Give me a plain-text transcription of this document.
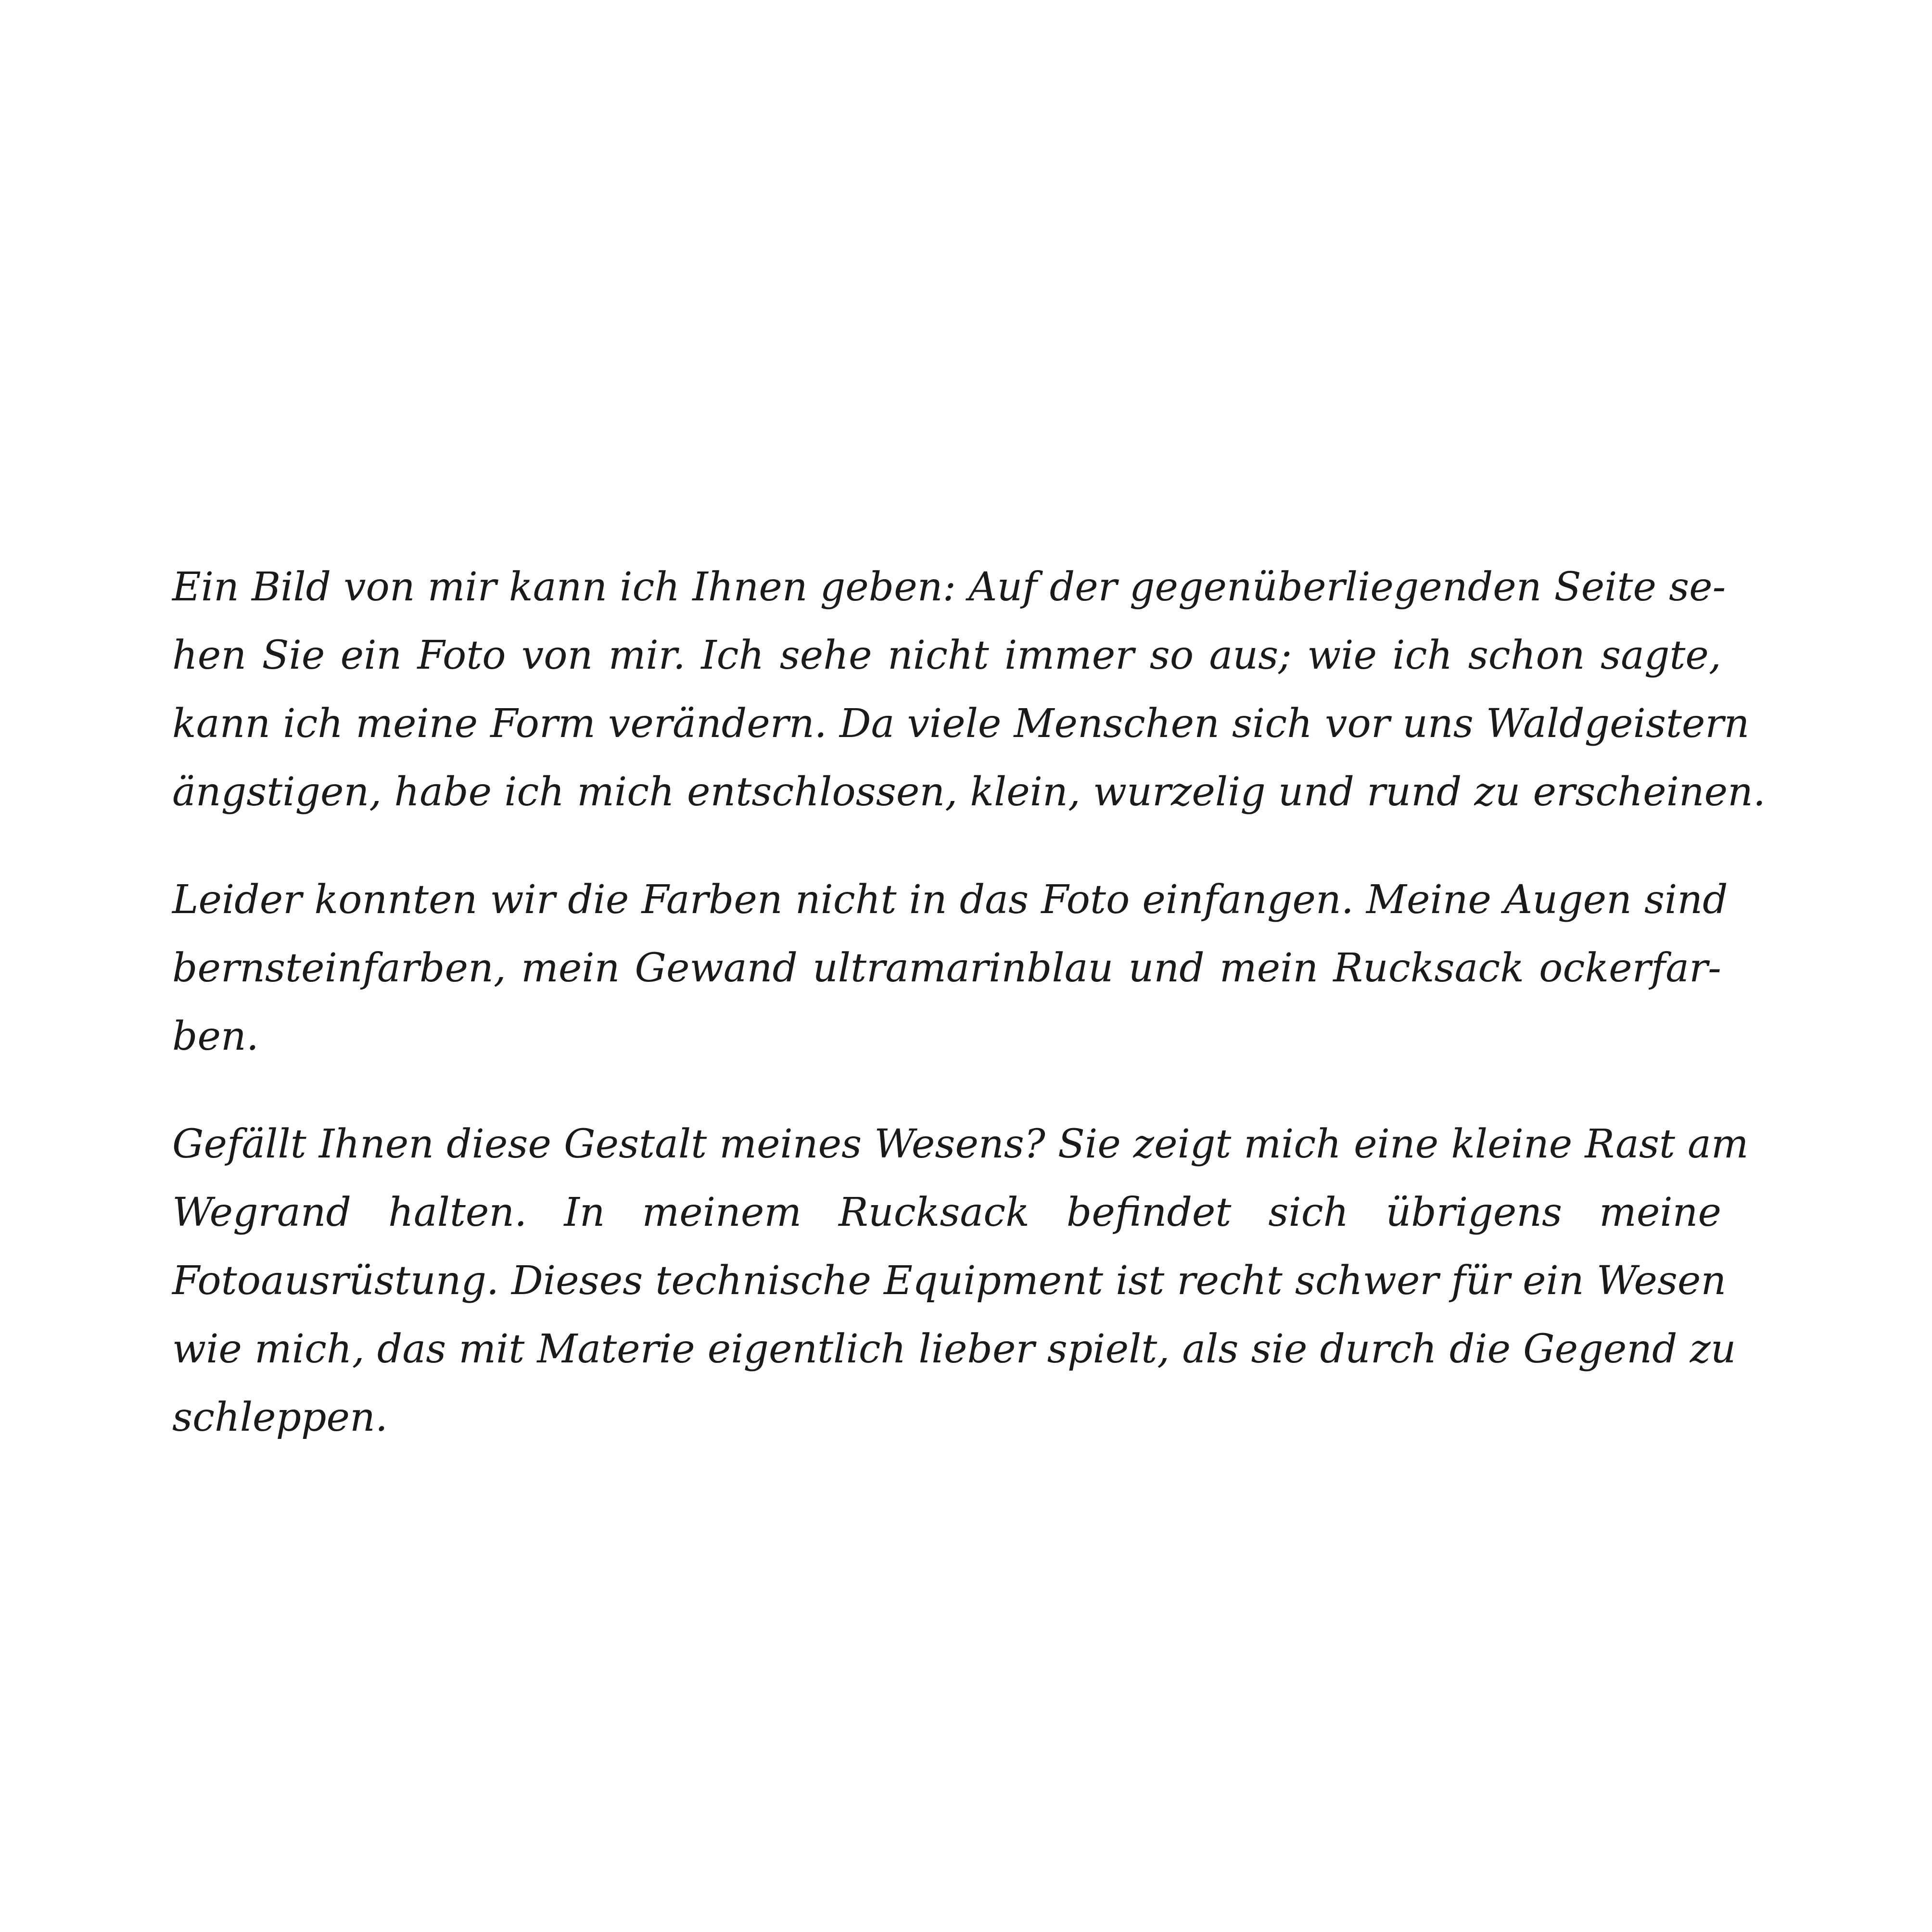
Ein Bild von mir kann ich Ihnen geben: Auf der gegenüberliegenden Seite se-
hen Sie ein Foto von mir. Ich sehe nicht immer so aus; wie ich schon sagte,
kann ich meine Form verändern. Da viele Menschen sich vor uns Waldgeistern
ängstigen, habe ich mich entschlossen, klein, wurzelig und rund zu erscheinen.

Leider konnten wir die Farben nicht in das Foto einfangen. Meine Augen sind
bernsteinfarben, mein Gewand ultramarinblau und mein Rucksack ockerfar-
ben.

Gefällt Ihnen diese Gestalt meines Wesens? Sie zeigt mich eine kleine Rast am
Wegrand halten. In meinem Rucksack befindet sich übrigens meine
Fotoausrüstung. Dieses technische Equipment ist recht schwer für ein Wesen
wie mich, das mit Materie eigentlich lieber spielt, als sie durch die Gegend zu
schleppen.
